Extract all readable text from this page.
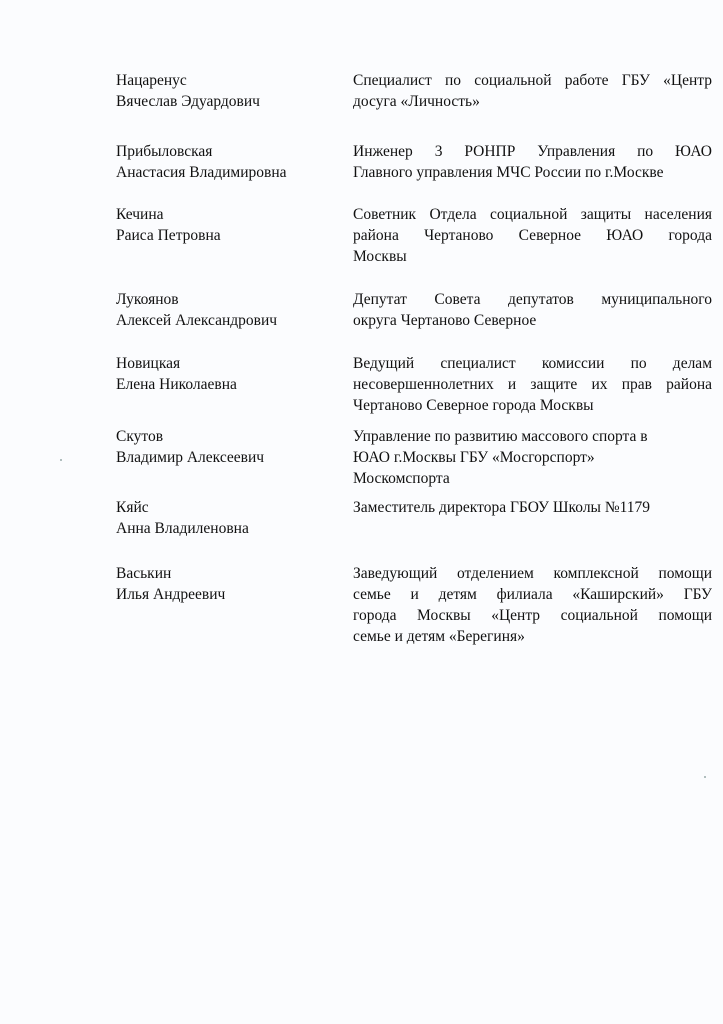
Нацаренус
Вячеслав Эдуардович
Специалист по социальной работе ГБУ «Центр
досуга «Личность»
Прибыловская
Анастасия Владимировна
Инженер 3 РОНПР Управления по ЮАО
Главного управления МЧС России по г.Москве
Кечина
Раиса Петровна
Советник Отдела социальной защиты населения
района Чертаново Северное ЮАО города
Москвы
Лукоянов
Алексей Александрович
Депутат Совета депутатов муниципального
округа Чертаново Северное
Новицкая
Елена Николаевна
Ведущий специалист комиссии по делам
несовершеннолетних и защите их прав района
Чертаново Северное города Москвы
Скутов
Владимир Алексеевич
Управление по развитию массового спорта в
ЮАО г.Москвы ГБУ «Мосгорспорт»
Москомспорта
Кяйс
Анна Владиленовна
Заместитель директора ГБОУ Школы №1179
Васькин
Илья Андреевич
Заведующий отделением комплексной помощи
семье и детям филиала «Каширский» ГБУ
города Москвы «Центр социальной помощи
семье и детям «Берегиня»
